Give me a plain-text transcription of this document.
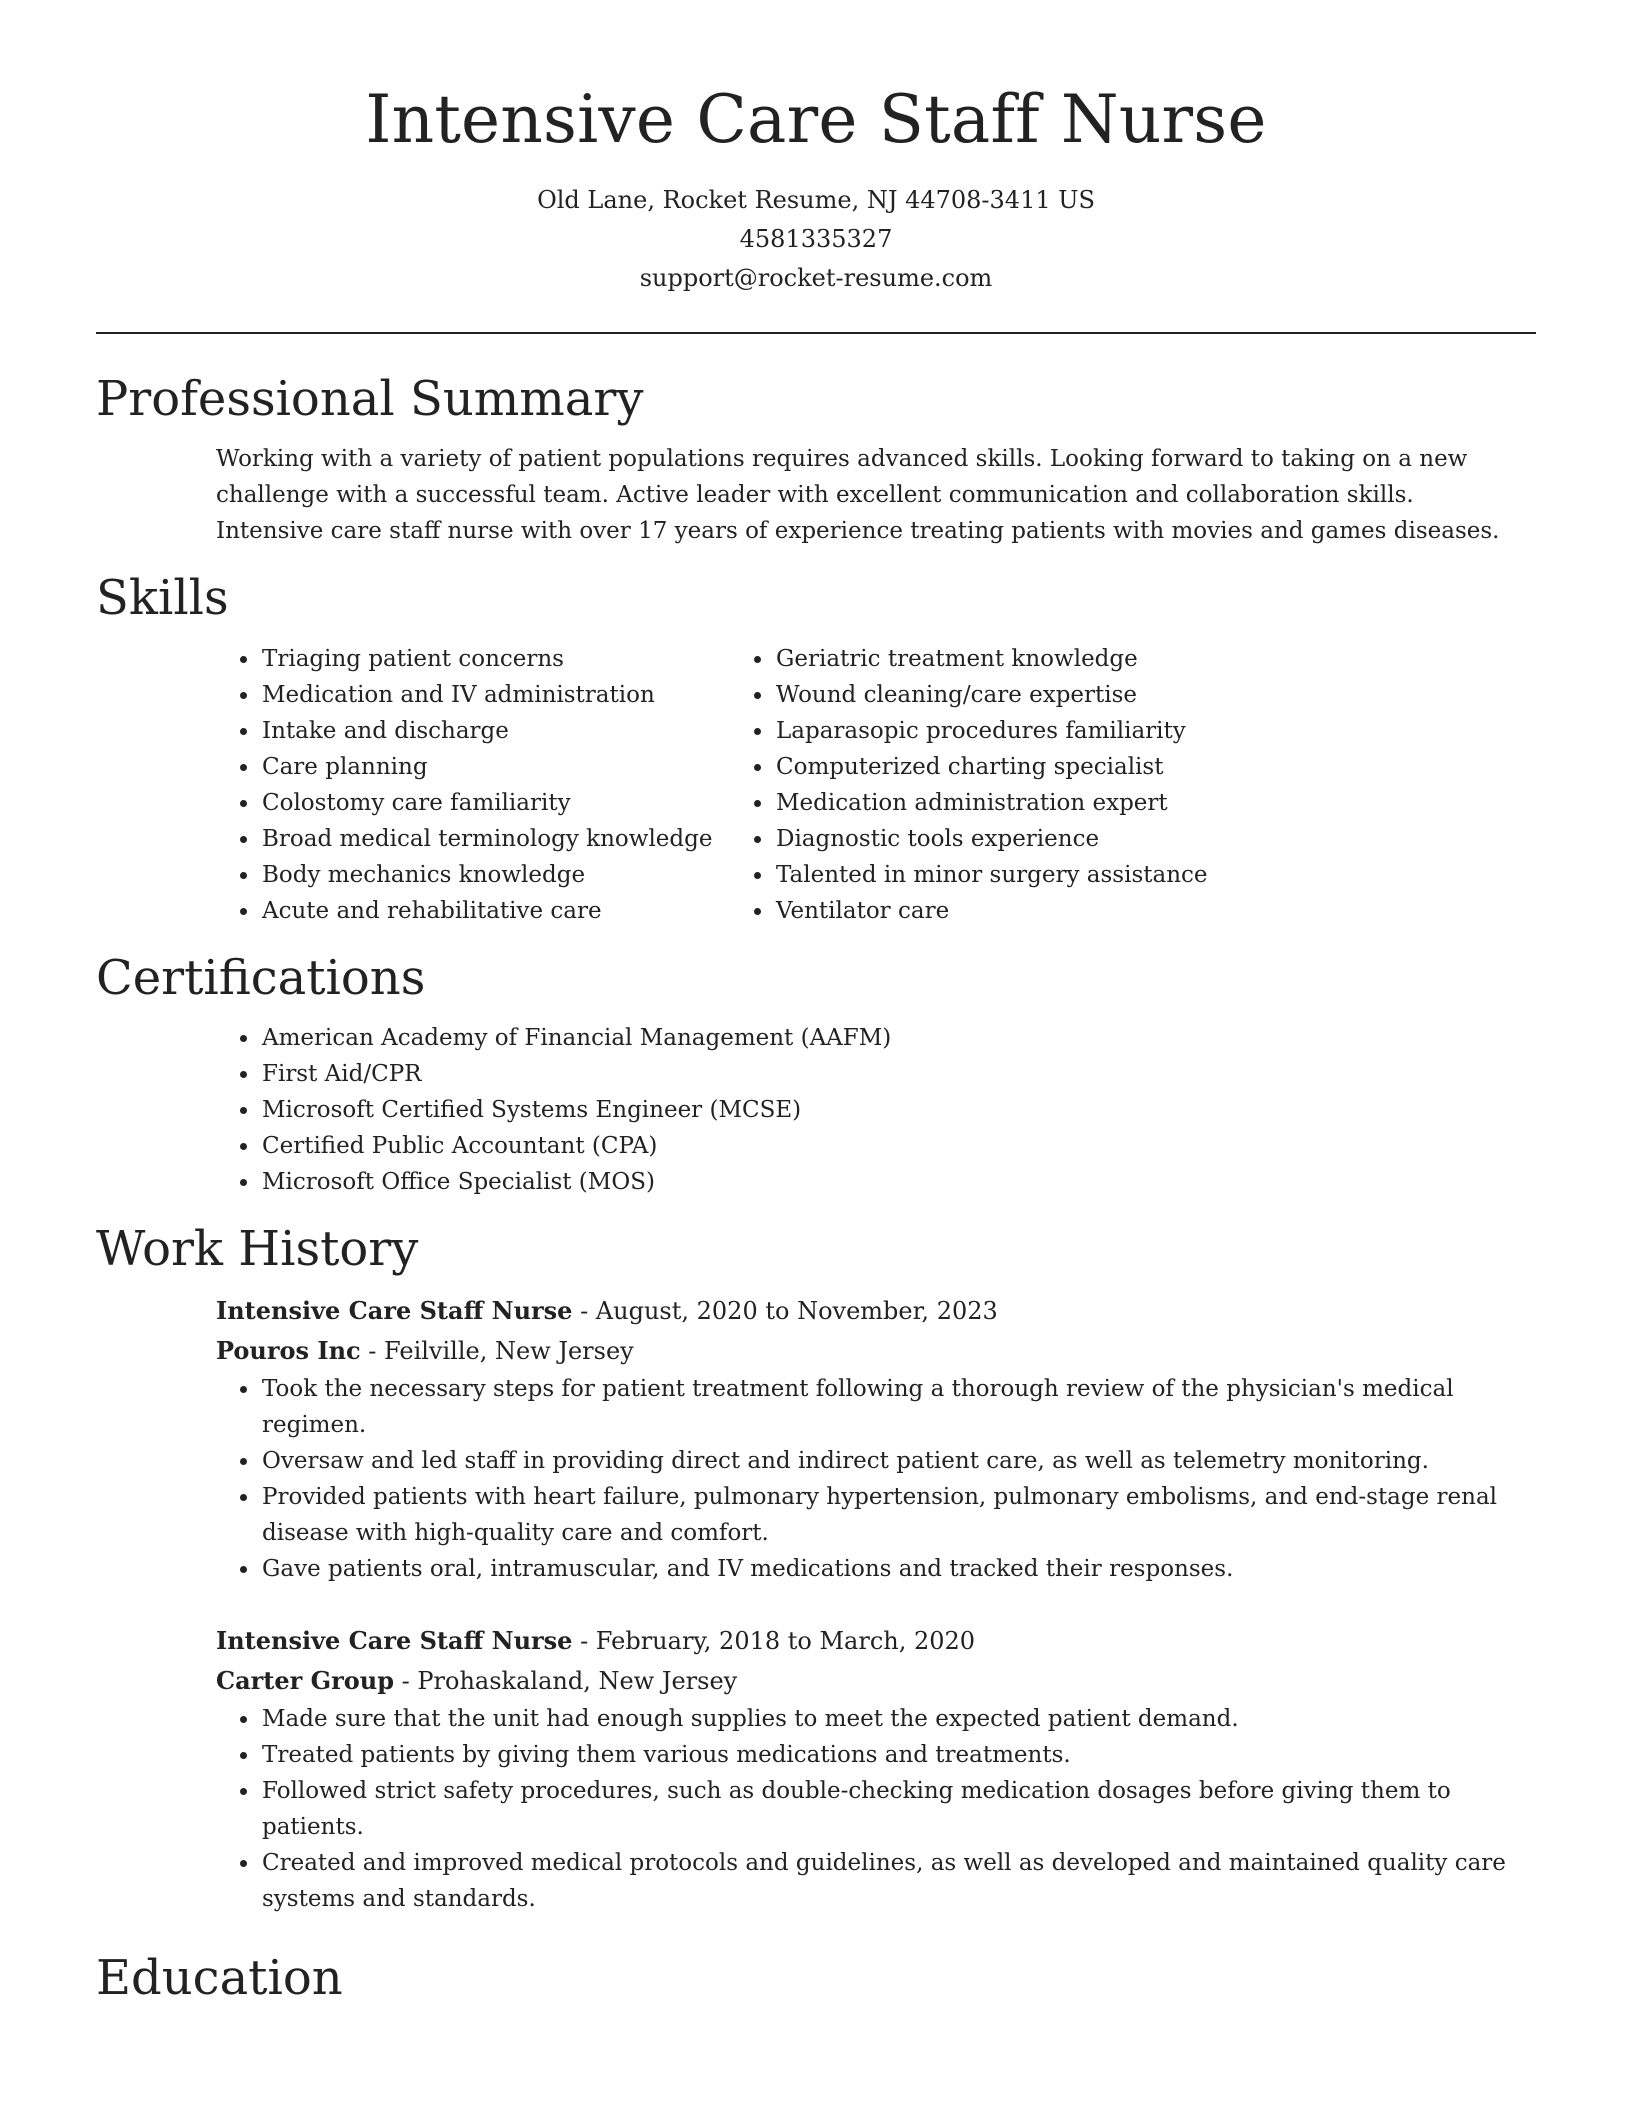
Intensive Care Staff Nurse
Old Lane, Rocket Resume, NJ 44708-3411 US
4581335327
support@rocket-resume.com
Professional Summary

Working with a variety of patient populations requires advanced skills. Looking forward to taking on a new challenge with a successful team. Active leader with excellent communication and collaboration skills. Intensive care staff nurse with over 17 years of experience treating patients with movies and games diseases.

Skills
• Triaging patient concerns
• Medication and IV administration
• Intake and discharge
• Care planning
• Colostomy care familiarity
• Broad medical terminology knowledge
• Body mechanics knowledge
• Acute and rehabilitative care
• Geriatric treatment knowledge
• Wound cleaning/care expertise
• Laparasopic procedures familiarity
• Computerized charting specialist
• Medication administration expert
• Diagnostic tools experience
• Talented in minor surgery assistance
• Ventilator care
Certifications
• American Academy of Financial Management (AAFM)
• First Aid/CPR
• Microsoft Certified Systems Engineer (MCSE)
• Certified Public Accountant (CPA)
• Microsoft Office Specialist (MOS)
Work History
Intensive Care Staff Nurse - August, 2020 to November, 2023
Pouros Inc - Feilville, New Jersey
• Took the necessary steps for patient treatment following a thorough review of the physician's medical regimen.
• Oversaw and led staff in providing direct and indirect patient care, as well as telemetry monitoring.
• Provided patients with heart failure, pulmonary hypertension, pulmonary embolisms, and end-stage renal disease with high-quality care and comfort.
• Gave patients oral, intramuscular, and IV medications and tracked their responses.
Intensive Care Staff Nurse - February, 2018 to March, 2020
Carter Group - Prohaskaland, New Jersey
• Made sure that the unit had enough supplies to meet the expected patient demand.
• Treated patients by giving them various medications and treatments.
• Followed strict safety procedures, such as double-checking medication dosages before giving them to patients.
• Created and improved medical protocols and guidelines, as well as developed and maintained quality care systems and standards.
Education
